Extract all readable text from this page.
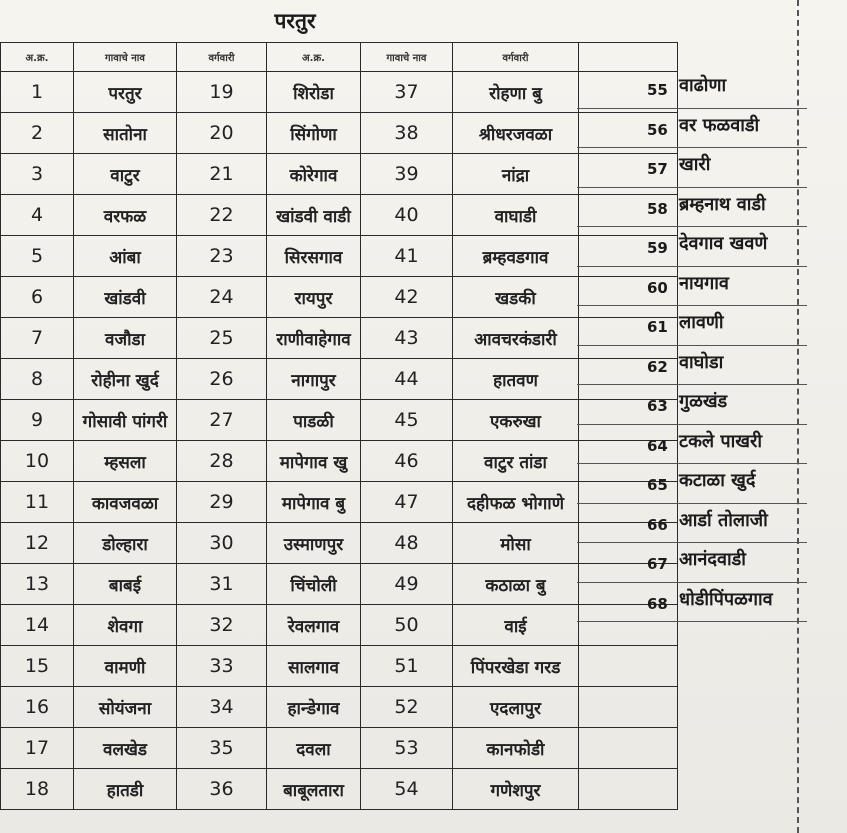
परतुर
अ.क्र.	गावाचे नाव	वर्गवारी	अ.क्र.	गावाचे नाव	वर्गवारी	
1	परतुर	19	शिरोडा	37	रोहणा बु	
2	सातोना	20	सिंगोणा	38	श्रीधरजवळा	
3	वाटुर	21	कोरेगाव	39	नांद्रा	
4	वरफळ	22	खांडवी वाडी	40	वाघाडी	
5	आंबा	23	सिरसगाव	41	ब्रम्हवडगाव	
6	खांडवी	24	रायपुर	42	खडकी	
7	वजौडा	25	राणीवाहेगाव	43	आवचरकंडारी	
8	रोहीना खुर्द	26	नागापुर	44	हातवण	
9	गोसावी पांगरी	27	पाडळी	45	एकरुखा	
10	म्हसला	28	मापेगाव खु	46	वाटुर तांडा	
11	कावजवळा	29	मापेगाव बु	47	दहीफळ भोगाणे	
12	डोल्हारा	30	उस्माणपुर	48	मोसा	
13	बाबई	31	चिंचोली	49	कठाळा बु	
14	शेवगा	32	रेवलगाव	50	वाई	
15	वामणी	33	सालगाव	51	पिंपरखेडा गरड	
16	सोयंजना	34	हान्डेगाव	52	एदलापुर	
17	वलखेड	35	दवला	53	कानफोडी	
18	हातडी	36	बाबूलतारा	54	गणेशपुर	
55 वाढोणा
56 वर फळवाडी
57 खारी
58 ब्रम्हनाथ वाडी
59 देवगाव खवणे
60 नायगाव
61 लावणी
62 वाघोडा
63 गुळखंड
64 टकले पाखरी
65 कटाळा खुर्द
66 आर्डा तोलाजी
67 आनंदवाडी
68 धोडीपिंपळगाव
